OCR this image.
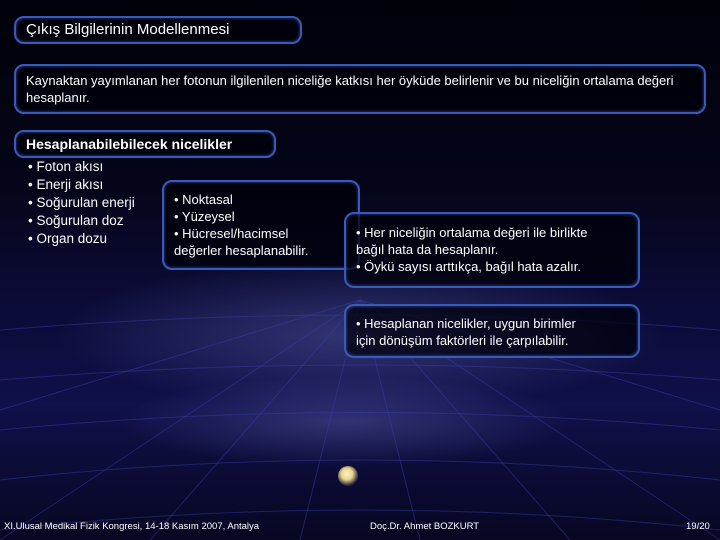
Çıkış Bilgilerinin Modellenmesi
Kaynaktan yayımlanan her fotonun ilgilenilen niceliğe katkısı her öyküde belirlenir ve bu niceliğin ortalama değeri hesaplanır.
Hesaplanabilebilecek nicelikler
• Foton akısı
• Enerji akısı
• Soğurulan enerji
• Soğurulan doz
• Organ dozu
• Noktasal
• Yüzeysel
• Hücresel/hacimsel
değerler hesaplanabilir.
• Her niceliğin ortalama değeri ile birlikte
bağıl hata da hesaplanır.
• Öykü sayısı arttıkça, bağıl hata azalır.
• Hesaplanan nicelikler, uygun birimler
için dönüşüm faktörleri ile çarpılabilir.
XI.Ulusal Medikal Fizik Kongresi, 14-18 Kasım 2007, Antalya	Doç.Dr. Ahmet BOZKURT	19/20
